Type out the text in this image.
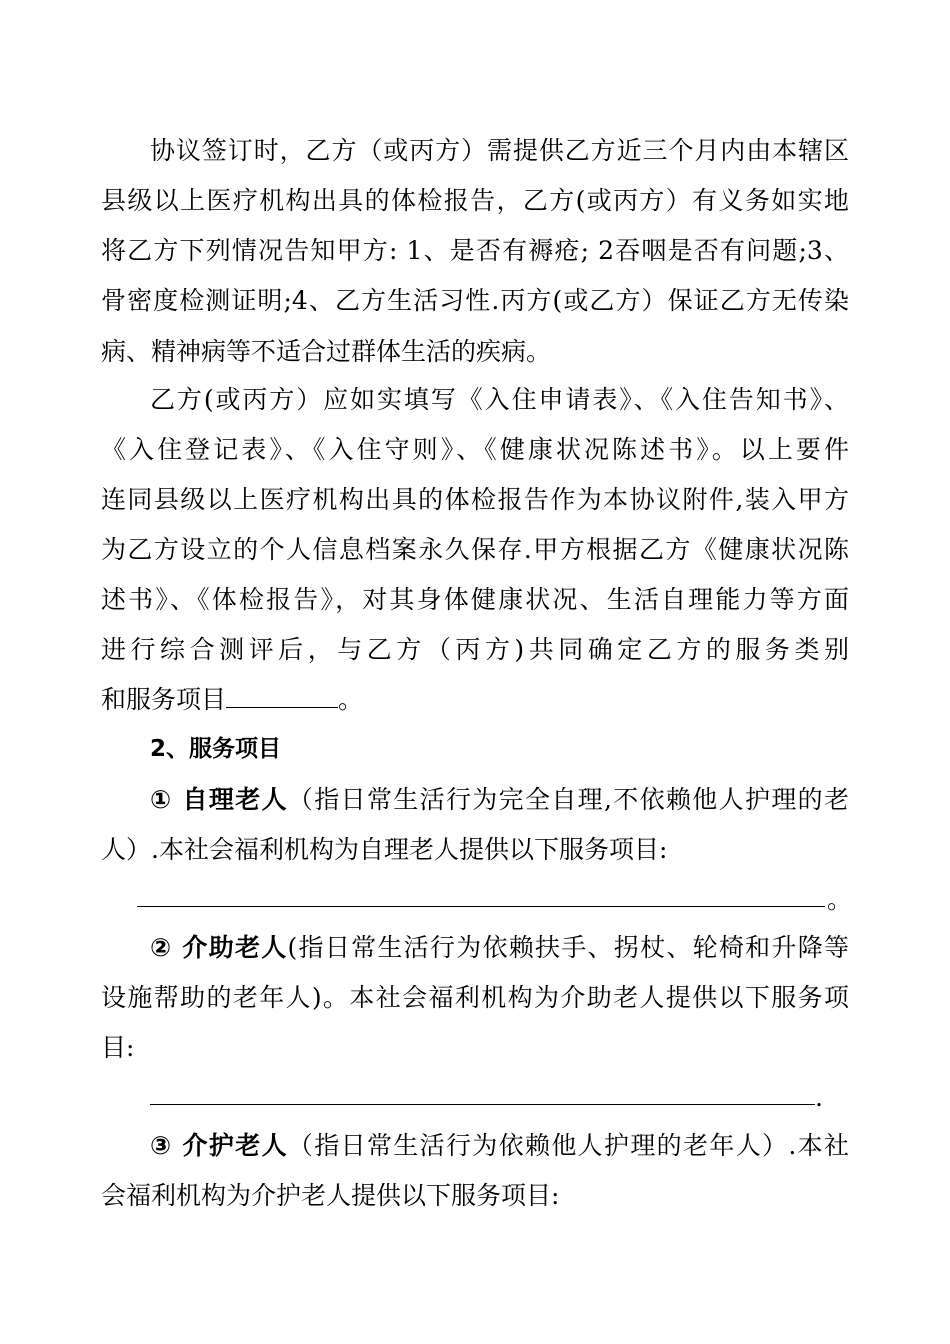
协议签订时，乙方（或丙方）需提供乙方近三个月内由本辖区
县级以上医疗机构出具的体检报告，乙方(或丙方）有义务如实地
将乙方下列情况告知甲方: 1、是否有褥疮; 2吞咽是否有问题;3、
骨密度检测证明;4、乙方生活习性.丙方(或乙方）保证乙方无传染
病、精神病等不适合过群体生活的疾病。
乙方(或丙方）应如实填写《入住申请表》、《入住告知书》、
《入住登记表》、《入住守则》、《健康状况陈述书》。以上要件
连同县级以上医疗机构出具的体检报告作为本协议附件,装入甲方
为乙方设立的个人信息档案永久保存.甲方根据乙方《健康状况陈
述书》、《体检报告》，对其身体健康状况、生活自理能力等方面
进行综合测评后，与乙方（丙方)共同确定乙方的服务类别
和服务项目	。
2、服务项目
① 自理老人（指日常生活行为完全自理,不依赖他人护理的老
人）.本社会福利机构为自理老人提供以下服务项目:
。
② 介助老人(指日常生活行为依赖扶手、拐杖、轮椅和升降等
设施帮助的老年人)。本社会福利机构为介助老人提供以下服务项
目:
.
③ 介护老人（指日常生活行为依赖他人护理的老年人）.本社
会福利机构为介护老人提供以下服务项目:
